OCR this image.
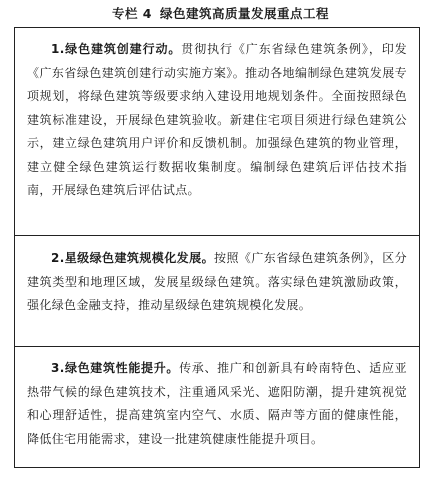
专栏 4 绿色建筑高质量发展重点工程

1.绿色建筑创建行动。贯彻执行《广东省绿色建筑条例》，印发《广东省绿色建筑创建行动实施方案》。推动各地编制绿色建筑发展专项规划，将绿色建筑等级要求纳入建设用地规划条件。全面按照绿色建筑标准建设，开展绿色建筑验收。新建住宅项目须进行绿色建筑公示，建立绿色建筑用户评价和反馈机制。加强绿色建筑的物业管理，建立健全绿色建筑运行数据收集制度。编制绿色建筑后评估技术指南，开展绿色建筑后评估试点。

2.星级绿色建筑规模化发展。按照《广东省绿色建筑条例》，区分建筑类型和地理区域，发展星级绿色建筑。落实绿色建筑激励政策，强化绿色金融支持，推动星级绿色建筑规模化发展。

3.绿色建筑性能提升。传承、推广和创新具有岭南特色、适应亚热带气候的绿色建筑技术，注重通风采光、遮阳防潮，提升建筑视觉和心理舒适性，提高建筑室内空气、水质、隔声等方面的健康性能，降低住宅用能需求，建设一批建筑健康性能提升项目。
